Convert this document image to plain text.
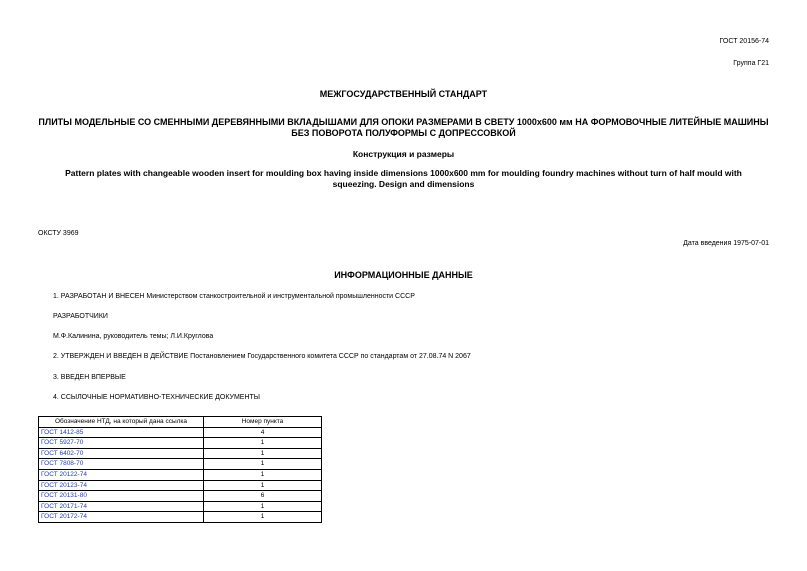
ГОСТ 20156-74
Группа Г21
МЕЖГОСУДАРСТВЕННЫЙ СТАНДАРТ
ПЛИТЫ МОДЕЛЬНЫЕ СО СМЕННЫМИ ДЕРЕВЯННЫМИ ВКЛАДЫШАМИ ДЛЯ ОПОКИ РАЗМЕРАМИ В СВЕТУ 1000x600 мм НА ФОРМОВОЧНЫЕ ЛИТЕЙНЫЕ МАШИНЫ
БЕЗ ПОВОРОТА ПОЛУФОРМЫ С ДОПРЕССОВКОЙ
Конструкция и размеры
Pattern plates with changeable wooden insert for moulding box having inside dimensions 1000x600 mm for moulding foundry machines without turn of half mould with
squeezing. Design and dimensions
ОКСТУ 3969
Дата введения 1975-07-01
ИНФОРМАЦИОННЫЕ ДАННЫЕ
1. РАЗРАБОТАН И ВНЕСЕН Министерством станкостроительной и инструментальной промышленности СССР
РАЗРАБОТЧИКИ
М.Ф.Калинина, руководитель темы; Л.И.Круглова
2. УТВЕРЖДЕН И ВВЕДЕН В ДЕЙСТВИЕ Постановлением Государственного комитета СССР по стандартам от 27.08.74 N 2067
3. ВВЕДЕН ВПЕРВЫЕ
4. ССЫЛОЧНЫЕ НОРМАТИВНО-ТЕХНИЧЕСКИЕ ДОКУМЕНТЫ
Обозначение НТД, на который дана ссылка	Номер пункта
ГОСТ 1412-85	4
ГОСТ 5927-70	1
ГОСТ 6402-70	1
ГОСТ 7808-70	1
ГОСТ 20122-74	1
ГОСТ 20123-74	1
ГОСТ 20131-80	6
ГОСТ 20171-74	1
ГОСТ 20172-74	1
